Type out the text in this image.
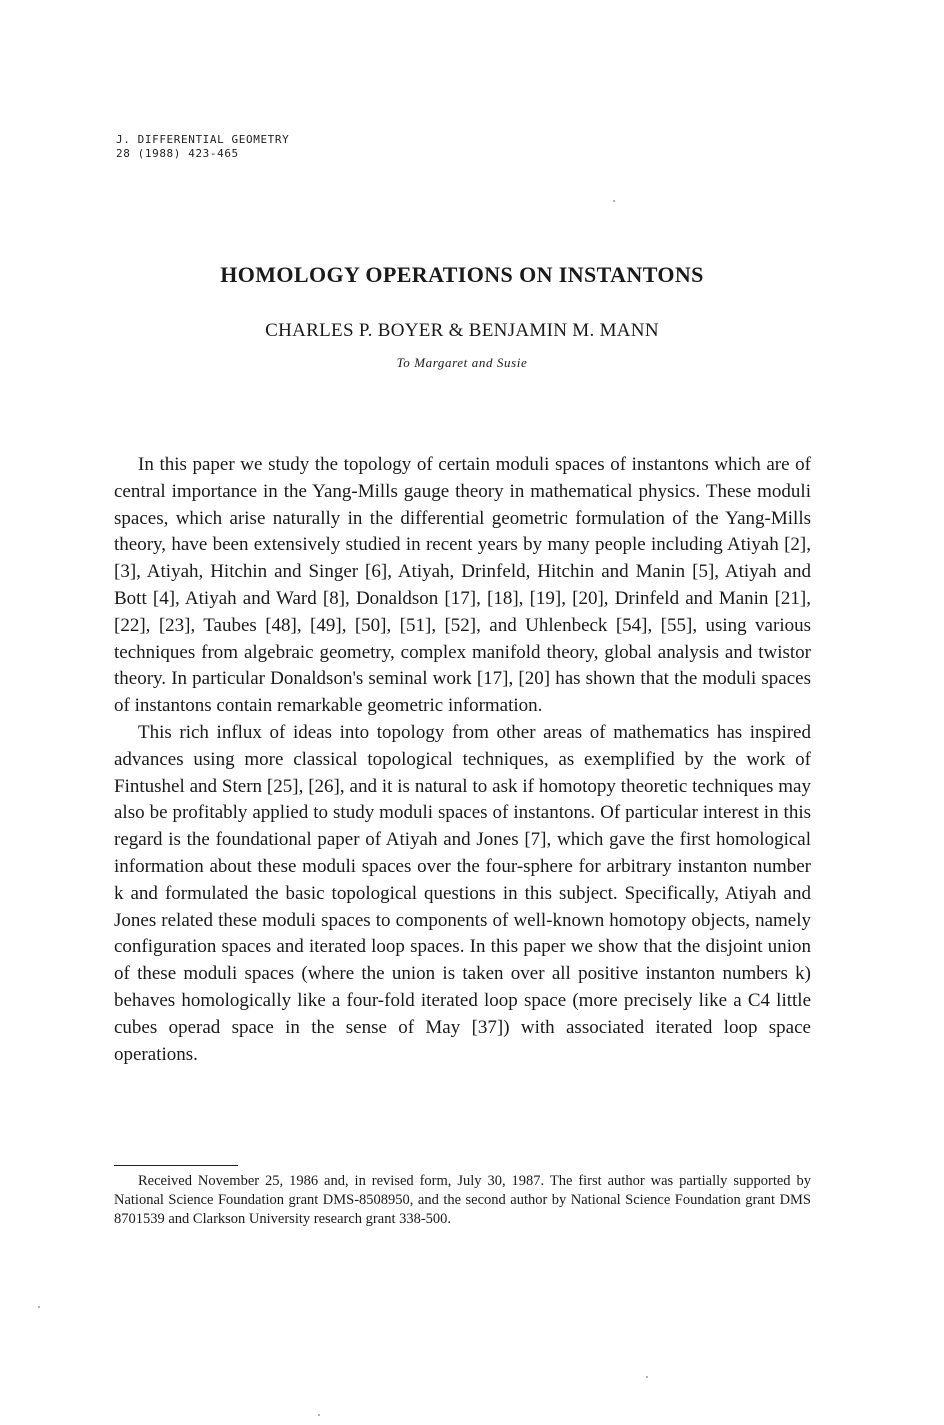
J. DIFFERENTIAL GEOMETRY
28 (1988) 423-465
HOMOLOGY OPERATIONS ON INSTANTONS
CHARLES P. BOYER & BENJAMIN M. MANN
To Margaret and Susie

In this paper we study the topology of certain moduli spaces of instantons which are of central importance in the Yang-Mills gauge theory in mathematical physics. These moduli spaces, which arise naturally in the differential geometric formulation of the Yang-Mills theory, have been extensively studied in recent years by many people including Atiyah [2], [3], Atiyah, Hitchin and Singer [6], Atiyah, Drinfeld, Hitchin and Manin [5], Atiyah and Bott [4], Atiyah and Ward [8], Donaldson [17], [18], [19], [20], Drinfeld and Manin [21], [22], [23], Taubes [48], [49], [50], [51], [52], and Uhlenbeck [54], [55], using various techniques from algebraic geometry, complex manifold theory, global analysis and twistor theory. In particular Donaldson's seminal work [17], [20] has shown that the moduli spaces of instantons contain remarkable geometric information.

This rich influx of ideas into topology from other areas of mathematics has inspired advances using more classical topological techniques, as exemplified by the work of Fintushel and Stern [25], [26], and it is natural to ask if homotopy theoretic techniques may also be profitably applied to study moduli spaces of instantons. Of particular interest in this regard is the foundational paper of Atiyah and Jones [7], which gave the first homological information about these moduli spaces over the four-sphere for arbitrary instanton number k and formulated the basic topological questions in this subject. Specifically, Atiyah and Jones related these moduli spaces to components of well-known homotopy objects, namely configuration spaces and iterated loop spaces. In this paper we show that the disjoint union of these moduli spaces (where the union is taken over all positive instanton numbers k) behaves homologically like a four-fold iterated loop space (more precisely like a C4 little cubes operad space in the sense of May [37]) with associated iterated loop space operations.

Received November 25, 1986 and, in revised form, July 30, 1987. The first author was partially supported by National Science Foundation grant DMS-8508950, and the second author by National Science Foundation grant DMS 8701539 and Clarkson University research grant 338-500.
